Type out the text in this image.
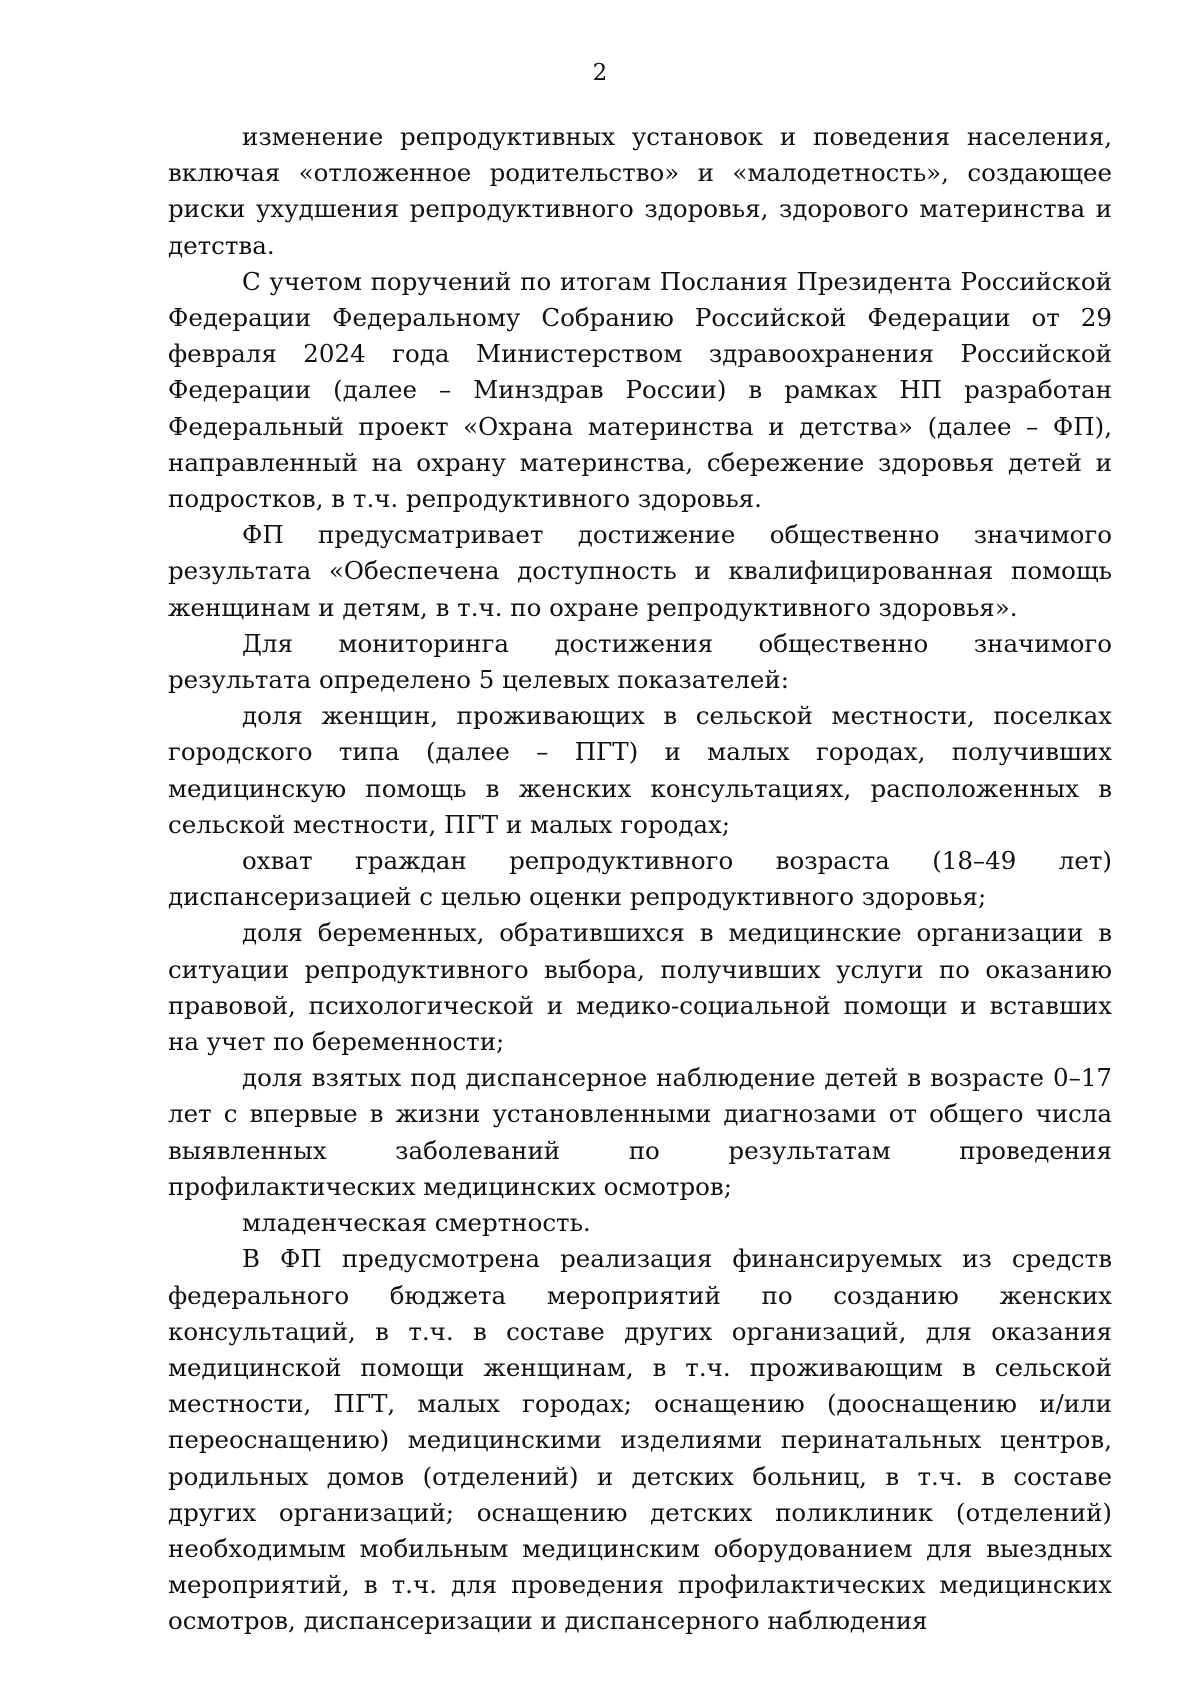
2

изменение репродуктивных установок и поведения населения, включая «отложенное родительство» и «малодетность», создающее риски ухудшения репродуктивного здоровья, здорового материнства и детства.

С учетом поручений по итогам Послания Президента Российской Федерации Федеральному Собранию Российской Федерации от 29 февраля 2024 года Министерством здравоохранения Российской Федерации (далее – Минздрав России) в рамках НП разработан Федеральный проект «Охрана материнства и детства» (далее – ФП), направленный на охрану материнства, сбережение здоровья детей и подростков, в т.ч. репродуктивного здоровья.

ФП предусматривает достижение общественно значимого результата «Обеспечена доступность и квалифицированная помощь женщинам и детям, в т.ч. по охране репродуктивного здоровья».

Для мониторинга достижения общественно значимого результата определено 5 целевых показателей:

доля женщин, проживающих в сельской местности, поселках городского типа (далее – ПГТ) и малых городах, получивших медицинскую помощь в женских консультациях, расположенных в сельской местности, ПГТ и малых городах;

охват граждан репродуктивного возраста (18–49 лет) диспансеризацией с целью оценки репродуктивного здоровья;

доля беременных, обратившихся в медицинские организации в ситуации репродуктивного выбора, получивших услуги по оказанию правовой, психологической и медико-социальной помощи и вставших на учет по беременности;

доля взятых под диспансерное наблюдение детей в возрасте 0–17 лет с впервые в жизни установленными диагнозами от общего числа выявленных заболеваний по результатам проведения профилактических медицинских осмотров;

младенческая смертность.

В ФП предусмотрена реализация финансируемых из средств федерального бюджета мероприятий по созданию женских консультаций, в т.ч. в составе других организаций, для оказания медицинской помощи женщинам, в т.ч. проживающим в сельской местности, ПГТ, малых городах; оснащению (дооснащению и/или переоснащению) медицинскими изделиями перинатальных центров, родильных домов (отделений) и детских больниц, в т.ч. в составе других организаций; оснащению детских поликлиник (отделений) необходимым мобильным медицинским оборудованием для выездных мероприятий, в т.ч. для проведения профилактических медицинских осмотров, диспансеризации и диспансерного наблюдения
